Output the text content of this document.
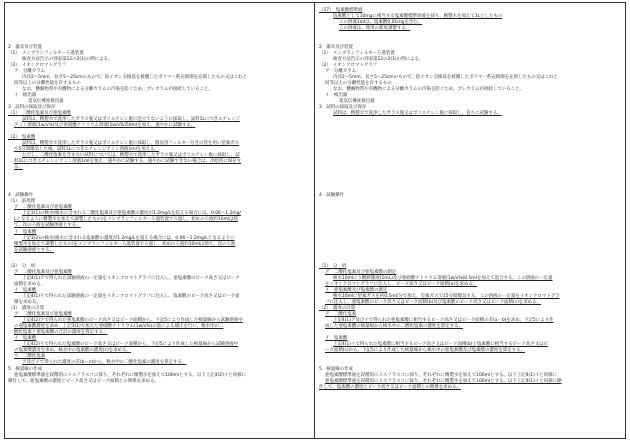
2　器具及び装置
（1）　メンブランフィルターろ過装置
検査方法告示の別表第12の2(1)の例による。
（2）　イオンクロマトグラフ
ア　分離カラム
内径2～5mm、長さ5～25cmのもので、陰イオン交換基を被覆したポリマー系充填剤を充填したもの又はこれと
同等以上の分離性能を有するもの
なお、懸濁物質や有機物による分離カラムの汚染を防ぐため、プレカラムが接続していること。
イ　検出器
電気伝導度検出器
3　試料の採取及び保存
（1）　二酸化塩素及び亜塩素酸
試料は、精製水で洗浄したガラス瓶又はポリエチレン瓶に泡立てないように採取し、試料1Lにつきエチレンジ
アミン溶液(1w/v%)及び亜硝酸ナトリウム溶液(1w/v%)50mlを加え、速やかに試験する。
（2）　塩素酸
試料は、精製水で洗浄したガラス瓶又はポリエチレン瓶に採取し、散気用フィルター付きの管を用い窒素ガス
で5分間曝気した後、試料1Lにつきエチレンジアミン溶液1mlを加える。
ただし、二酸化塩素を含まない試料については、精製水で洗浄したガラス瓶又はポリエチレン瓶に採取し、試
料1Lにつきエチレンジアミン溶液1mlを加え、速やかに試験する。速やかに試験できない場合は、冷暗所に保存す
る。
4　試験操作
（1）　前処理
ア　二酸化塩素及び亜塩素酸
上記3(1)の検水(検水に含まれる二酸化塩素及び亜塩素酸の濃度が1.2mg/Lを超える場合には、0.06～1.2mg/
Lとなるように精製水を加えて調製したもの)をメンブランフィルターろ過装置でろ過し、初めのろ液約10mlは捨
て、次のろ液を試験溶液とする。
イ　塩素酸
上記3(2)の検水(検水に含まれる塩素酸の濃度が1.2mg/Lを超える場合には、0.06～1.2mg/Lとなるように
精製水を加えて調製したもの)をメンブランフィルターろ過装置でろ過し、初めのろ液約10mlは捨て、次のろ液
を試験溶液とする。
（2）　分　析
ア　二酸化塩素及び亜塩素酸
上記4(1)アで得られた試験溶液の一定量をイオンクロマトグラフに注入し、亜塩素酸のピーク高さ又はピーク
面積を求める。
イ　塩素酸
上記4(1)イで得られた試験溶液の一定量をイオンクロマトグラフに注入し、塩素酸のピーク高さ又はピーク面
積を求める。
（3）　濃度の計算
ア　二酸化塩素及び亜塩素酸
上記4(2)アで得られた亜塩素酸のピーク高さ又はピーク面積から、下記5により作成した検量線から試験溶液中
の亜塩素酸濃度を求め、上記3(1)で加えた亜硝酸ナトリウム(1w/v%)の量による補正を行い、検水中の二
酸化塩素と亜塩素酸の合計の濃度を算定する。
イ　塩素酸
上記4(2)イで得られた塩素酸のピーク高さ又はピーク面積から、下記5により作成した検量線から試験溶液中
の塩素酸濃度を求め、検水中の塩素酸の濃度(c)を求める。
ウ　二酸化塩素
ア及びイで得られた濃度の差(b－c)から、検水中の二酸化塩素の濃度を算定する。
5　検量線の作成
亜塩素酸標準液を段階的にメスフラスコに採り、それぞれに精製水を加えて100mlとする。以下上記4(2)イと同様に
操作して、亜塩素酸の濃度とピーク高さ又はピーク面積との関係を求める。
（17）　塩素酸標準液
塩素酸として10mgに相当する塩素酸標準原液を採り、精製水を加えて1Lとしたもの
この溶液1mlは、塩素酸0.01mgを含む。
この溶液は、使用の都度調製する。
2　器具及び装置
（1）　メンブランフィルターろ過装置
検査方法告示の別表第12の2(1)の例による。
（2）　イオンクロマトグラフ
ア　分離カラム
内径2～5mm、長さ5～25cmのもので、陰イオン交換基を被覆したポリマー系充填剤を充填したもの又はこれと
同等以上の分離性能を有するもの
なお、懸濁物質や有機物による分離カラムの汚染を防ぐため、プレカラムが接続していること。
イ　検出器
電気伝導度検出器
3　試料の採取及び保存
試料は、精製水で洗浄したガラス瓶又はポリエチレン瓶に採取し、直ちに試験する。
4　試験操作
（1）　分　析
ア　二酸化塩素及び亜塩素酸の測定
検水10mlにり酸緩衝液(1mL)及び亜硝酸ナトリウム溶液(1w/v%)0.5mlを加えて混合する。この溶液の一定量
をイオンクロマトグラフに注入し、ピーク高さ又はピーク面積(a)を求める。
イ　亜塩素酸及び塩素酸の測定
検水10mlに窒素ガスを約0.5ml/分で加え、室素ガスで15分間曝気する。この溶液の一定量をイオンクロマトグラ
フに注入し、亜塩素酸のピーク高さ又はピーク面積(b)及び塩素酸のピーク高さ又はピーク面積(c)を求める。
（2）　濃度の計算
ア　二酸化塩素
上記4(1)ア及びイで得られた亜塩素酸に相当するピーク高さ又はピーク面積の差(a－b)を求め、下記5により作
成した亜塩素酸の検量線から検水中の二酸化塩素の濃度を算定する。
イ　塩素酸
上記4(1)イで得られた塩素酸に相当するピーク高さ又はピーク面積(b)と塩素酸に相当するピーク高さ又はピ
ーク面積(c)から、下記5により作成した検量線から検水中の亜塩素酸及び塩素酸の濃度を算定する。
5　検量線の作成
亜塩素酸標準液を段階的にメスフラスコに採り、それぞれに精製水を加えて100mlとする。以下上記4(1)イと同様に
亜塩素酸標準液を段階的にメスフラスコに採り、それぞれに精製水を加えて100mlとする。以下上記4(1)イと同様に操
作して、塩素酸の濃度とピーク高さ又はピーク面積との関係を求める。
